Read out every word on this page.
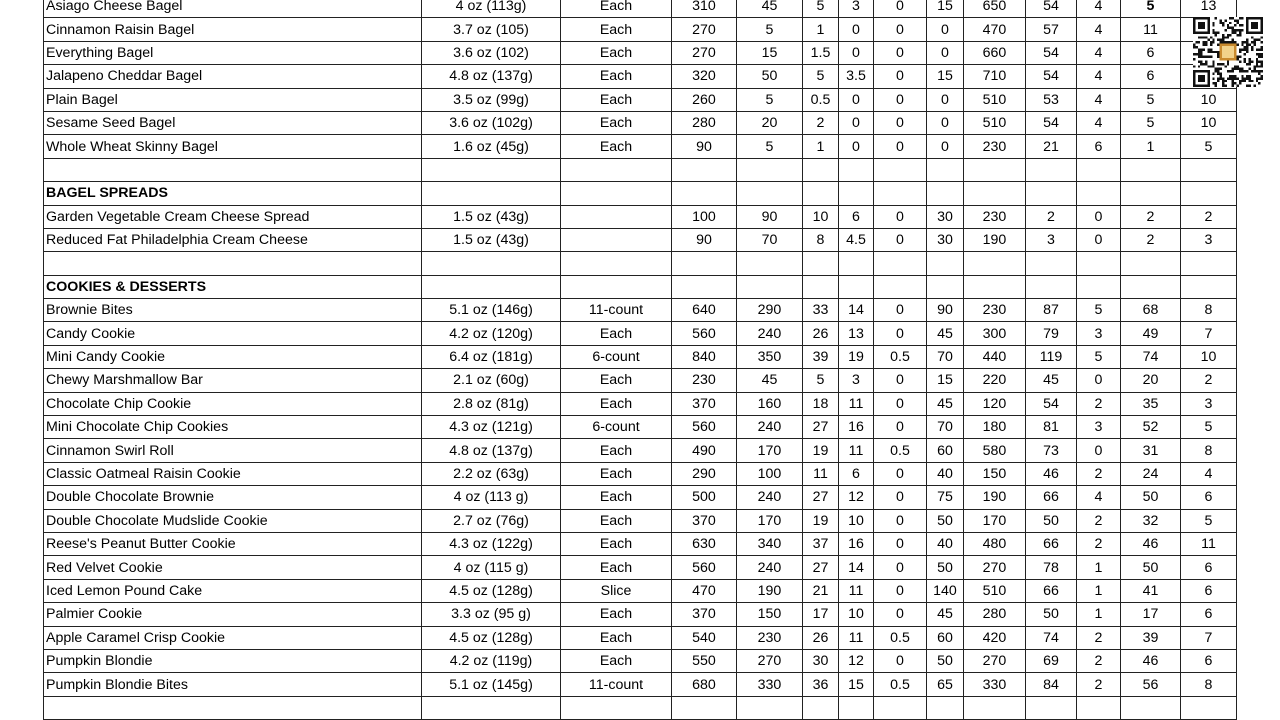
Asiago Cheese Bagel	4 oz (113g)	Each	310	45	5	3	0	15	650	54	4	5	13
Cinnamon Raisin Bagel	3.7 oz (105)	Each	270	5	1	0	0	0	470	57	4	11	
Everything Bagel	3.6 oz (102)	Each	270	15	1.5	0	0	0	660	54	4	6	
Jalapeno Cheddar Bagel	4.8 oz (137g)	Each	320	50	5	3.5	0	15	710	54	4	6	
Plain Bagel	3.5 oz (99g)	Each	260	5	0.5	0	0	0	510	53	4	5	10
Sesame Seed Bagel	3.6 oz (102g)	Each	280	20	2	0	0	0	510	54	4	5	10
Whole Wheat Skinny Bagel	1.6 oz (45g)	Each	90	5	1	0	0	0	230	21	6	1	5

BAGEL SPREADS													
Garden Vegetable Cream Cheese Spread	1.5 oz (43g)		100	90	10	6	0	30	230	2	0	2	2
Reduced Fat Philadelphia Cream Cheese	1.5 oz (43g)		90	70	8	4.5	0	30	190	3	0	2	3

COOKIES & DESSERTS													
Brownie Bites	5.1 oz (146g)	11-count	640	290	33	14	0	90	230	87	5	68	8
Candy Cookie	4.2 oz (120g)	Each	560	240	26	13	0	45	300	79	3	49	7
Mini Candy Cookie	6.4 oz (181g)	6-count	840	350	39	19	0.5	70	440	119	5	74	10
Chewy Marshmallow Bar	2.1 oz (60g)	Each	230	45	5	3	0	15	220	45	0	20	2
Chocolate Chip Cookie	2.8 oz (81g)	Each	370	160	18	11	0	45	120	54	2	35	3
Mini Chocolate Chip Cookies	4.3 oz (121g)	6-count	560	240	27	16	0	70	180	81	3	52	5
Cinnamon Swirl Roll	4.8 oz (137g)	Each	490	170	19	11	0.5	60	580	73	0	31	8
Classic Oatmeal Raisin Cookie	2.2 oz (63g)	Each	290	100	11	6	0	40	150	46	2	24	4
Double Chocolate Brownie	4 oz (113 g)	Each	500	240	27	12	0	75	190	66	4	50	6
Double Chocolate Mudslide Cookie	2.7 oz (76g)	Each	370	170	19	10	0	50	170	50	2	32	5
Reese's Peanut Butter Cookie	4.3 oz (122g)	Each	630	340	37	16	0	40	480	66	2	46	11
Red Velvet Cookie	4 oz (115 g)	Each	560	240	27	14	0	50	270	78	1	50	6
Iced Lemon Pound Cake	4.5 oz (128g)	Slice	470	190	21	11	0	140	510	66	1	41	6
Palmier Cookie	3.3 oz (95 g)	Each	370	150	17	10	0	45	280	50	1	17	6
Apple Caramel Crisp Cookie	4.5 oz (128g)	Each	540	230	26	11	0.5	60	420	74	2	39	7
Pumpkin Blondie	4.2 oz (119g)	Each	550	270	30	12	0	50	270	69	2	46	6
Pumpkin Blondie Bites	5.1 oz (145g)	11-count	680	330	36	15	0.5	65	330	84	2	56	8
